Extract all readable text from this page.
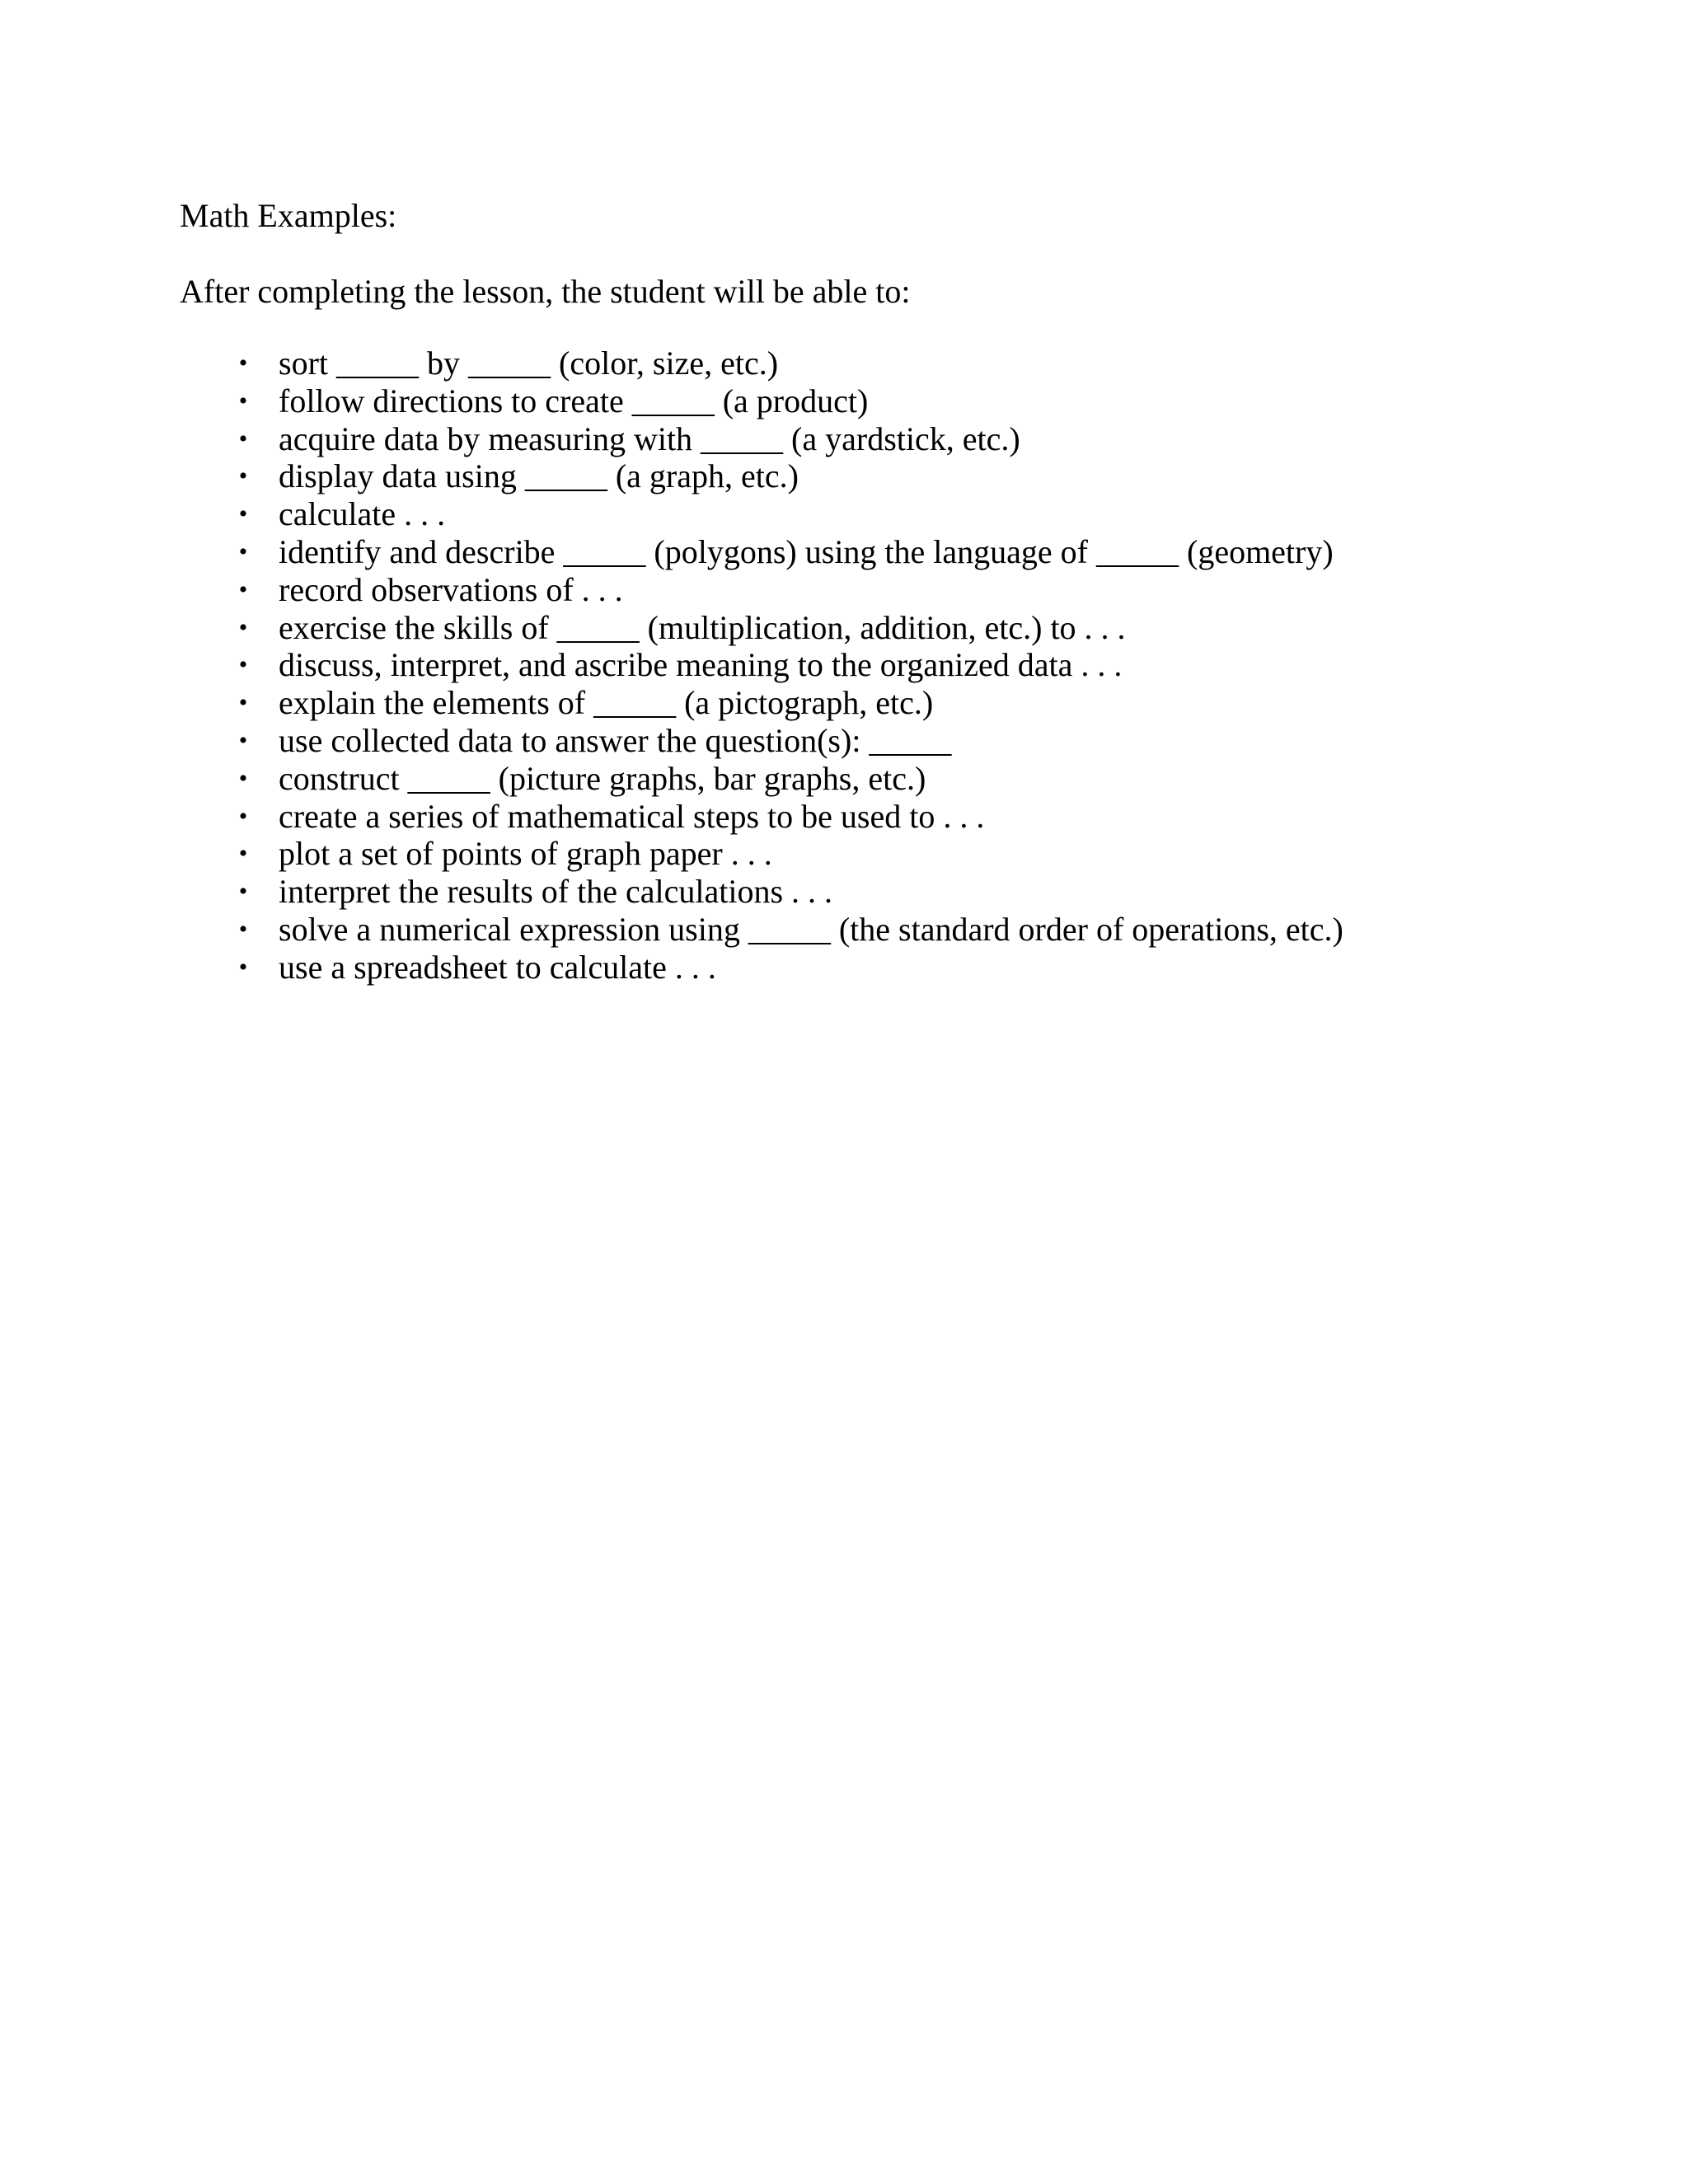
Math Examples:

After completing the lesson, the student will be able to:

• sort _____ by _____ (color, size, etc.)
• follow directions to create _____ (a product)
• acquire data by measuring with _____ (a yardstick, etc.)
• display data using _____ (a graph, etc.)
• calculate . . .
• identify and describe _____ (polygons) using the language of _____ (geometry)
• record observations of . . .
• exercise the skills of _____ (multiplication, addition, etc.) to . . .
• discuss, interpret, and ascribe meaning to the organized data . . .
• explain the elements of _____ (a pictograph, etc.)
• use collected data to answer the question(s): _____
• construct _____ (picture graphs, bar graphs, etc.)
• create a series of mathematical steps to be used to . . .
• plot a set of points of graph paper . . .
• interpret the results of the calculations . . .
• solve a numerical expression using _____ (the standard order of operations, etc.)
• use a spreadsheet to calculate . . .
